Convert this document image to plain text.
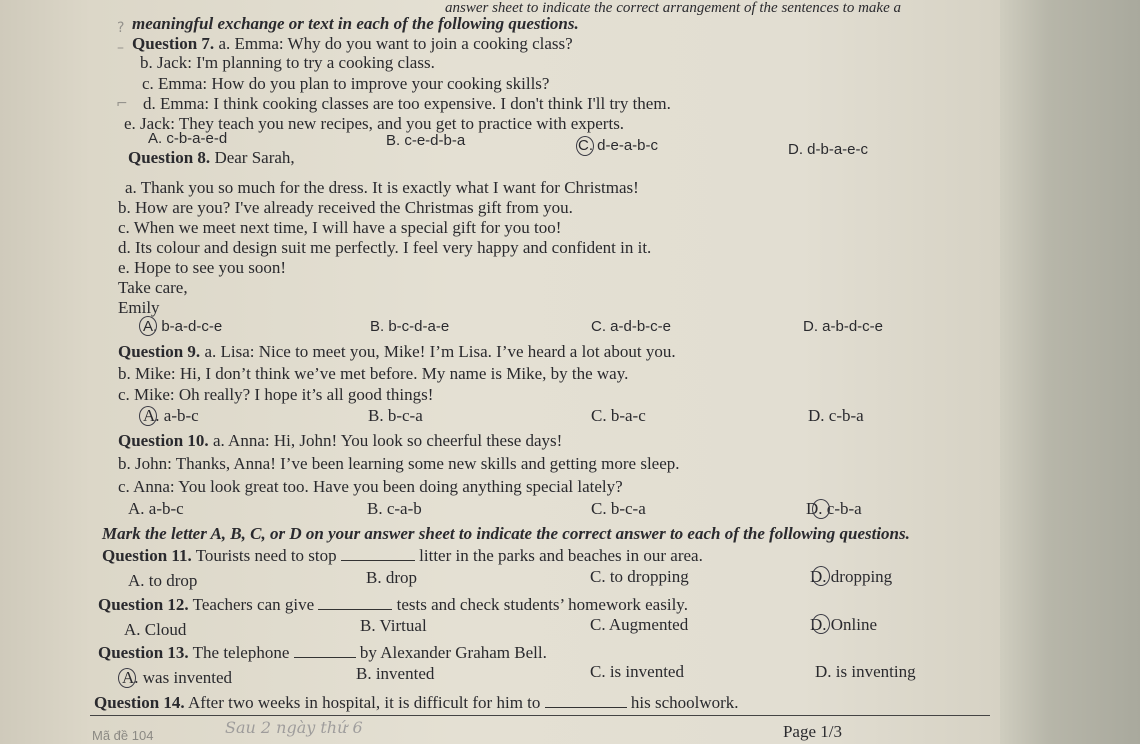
answer sheet to indicate the correct arrangement of the sentences to make a
meaningful exchange or text in each of the following questions.
Question 7. a. Emma: Why do you want to join a cooking class?
b. Jack: I'm planning to try a cooking class.
c. Emma: How do you plan to improve your cooking skills?
d. Emma: I think cooking classes are too expensive. I don't think I'll try them.
e. Jack: They teach you new recipes, and you get to practice with experts.
A. c-b-a-e-d	B. c-e-d-b-a	C. d-e-a-b-c	D. d-b-a-e-c
Question 8. Dear Sarah,
a. Thank you so much for the dress. It is exactly what I want for Christmas!
b. How are you? I've already received the Christmas gift from you.
c. When we meet next time, I will have a special gift for you too!
d. Its colour and design suit me perfectly. I feel very happy and confident in it.
e. Hope to see you soon!
Take care,
Emily
A. b-a-d-c-e	B. b-c-d-a-e	C. a-d-b-c-e	D. a-b-d-c-e
Question 9. a. Lisa: Nice to meet you, Mike! I’m Lisa. I’ve heard a lot about you.
b. Mike: Hi, I don’t think we’ve met before. My name is Mike, by the way.
c. Mike: Oh really? I hope it’s all good things!
A. a-b-c	B. b-c-a	C. b-a-c	D. c-b-a
Question 10. a. Anna: Hi, John! You look so cheerful these days!
b. John: Thanks, Anna! I’ve been learning some new skills and getting more sleep.
c. Anna: You look great too. Have you been doing anything special lately?
A. a-b-c	B. c-a-b	C. b-c-a	D. c-b-a
Mark the letter A, B, C, or D on your answer sheet to indicate the correct answer to each of the following questions.
Question 11. Tourists need to stop	litter in the parks and beaches in our area.
A. to drop	B. drop	C. to dropping	D. dropping
Question 12. Teachers can give	tests and check students’ homework easily.
A. Cloud	B. Virtual	C. Augmented	D. Online
Question 13. The telephone	by Alexander Graham Bell.
A. was invented	B. invented	C. is invented	D. is inventing
Question 14. After two weeks in hospital, it is difficult for him to	his schoolwork.
Mã đề 104	Sau 2 ngày thứ 6	Page 1/3
?
–
⌐
